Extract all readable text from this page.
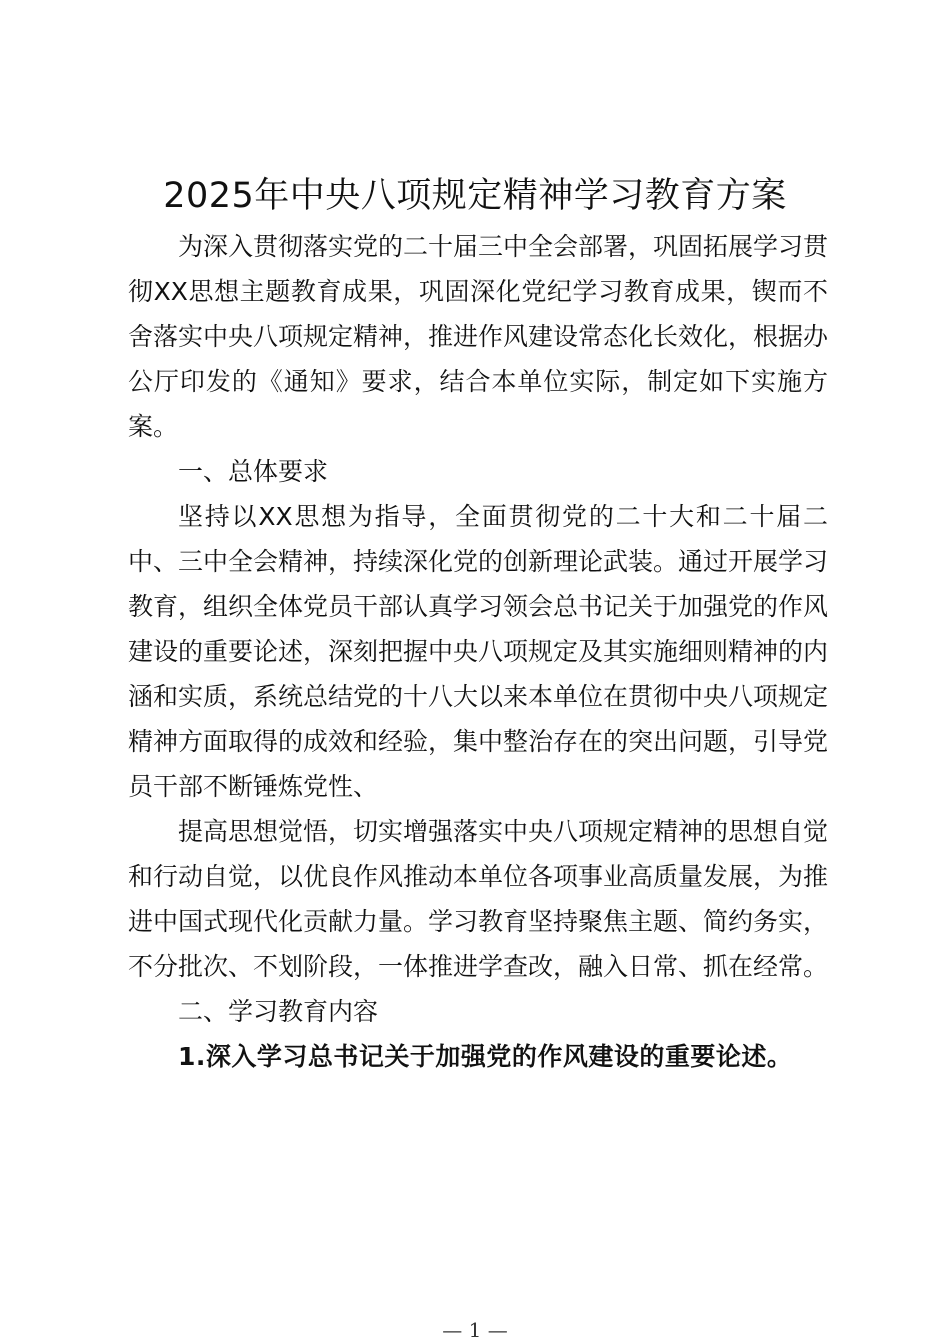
2025年中央八项规定精神学习教育方案

为深入贯彻落实党的二十届三中全会部署，巩固拓展学习贯彻XX思想主题教育成果，巩固深化党纪学习教育成果，锲而不舍落实中央八项规定精神，推进作风建设常态化长效化，根据办公厅印发的《通知》要求，结合本单位实际，制定如下实施方案。

一、总体要求

坚持以XX思想为指导，全面贯彻党的二十大和二十届二中、三中全会精神，持续深化党的创新理论武装。通过开展学习教育，组织全体党员干部认真学习领会总书记关于加强党的作风建设的重要论述，深刻把握中央八项规定及其实施细则精神的内涵和实质，系统总结党的十八大以来本单位在贯彻中央八项规定精神方面取得的成效和经验，集中整治存在的突出问题，引导党员干部不断锤炼党性、

提高思想觉悟，切实增强落实中央八项规定精神的思想自觉和行动自觉，以优良作风推动本单位各项事业高质量发展，为推进中国式现代化贡献力量。学习教育坚持聚焦主题、简约务实，不分批次、不划阶段，一体推进学查改，融入日常、抓在经常。

二、学习教育内容

1.深入学习总书记关于加强党的作风建设的重要论述。

— 1 —
